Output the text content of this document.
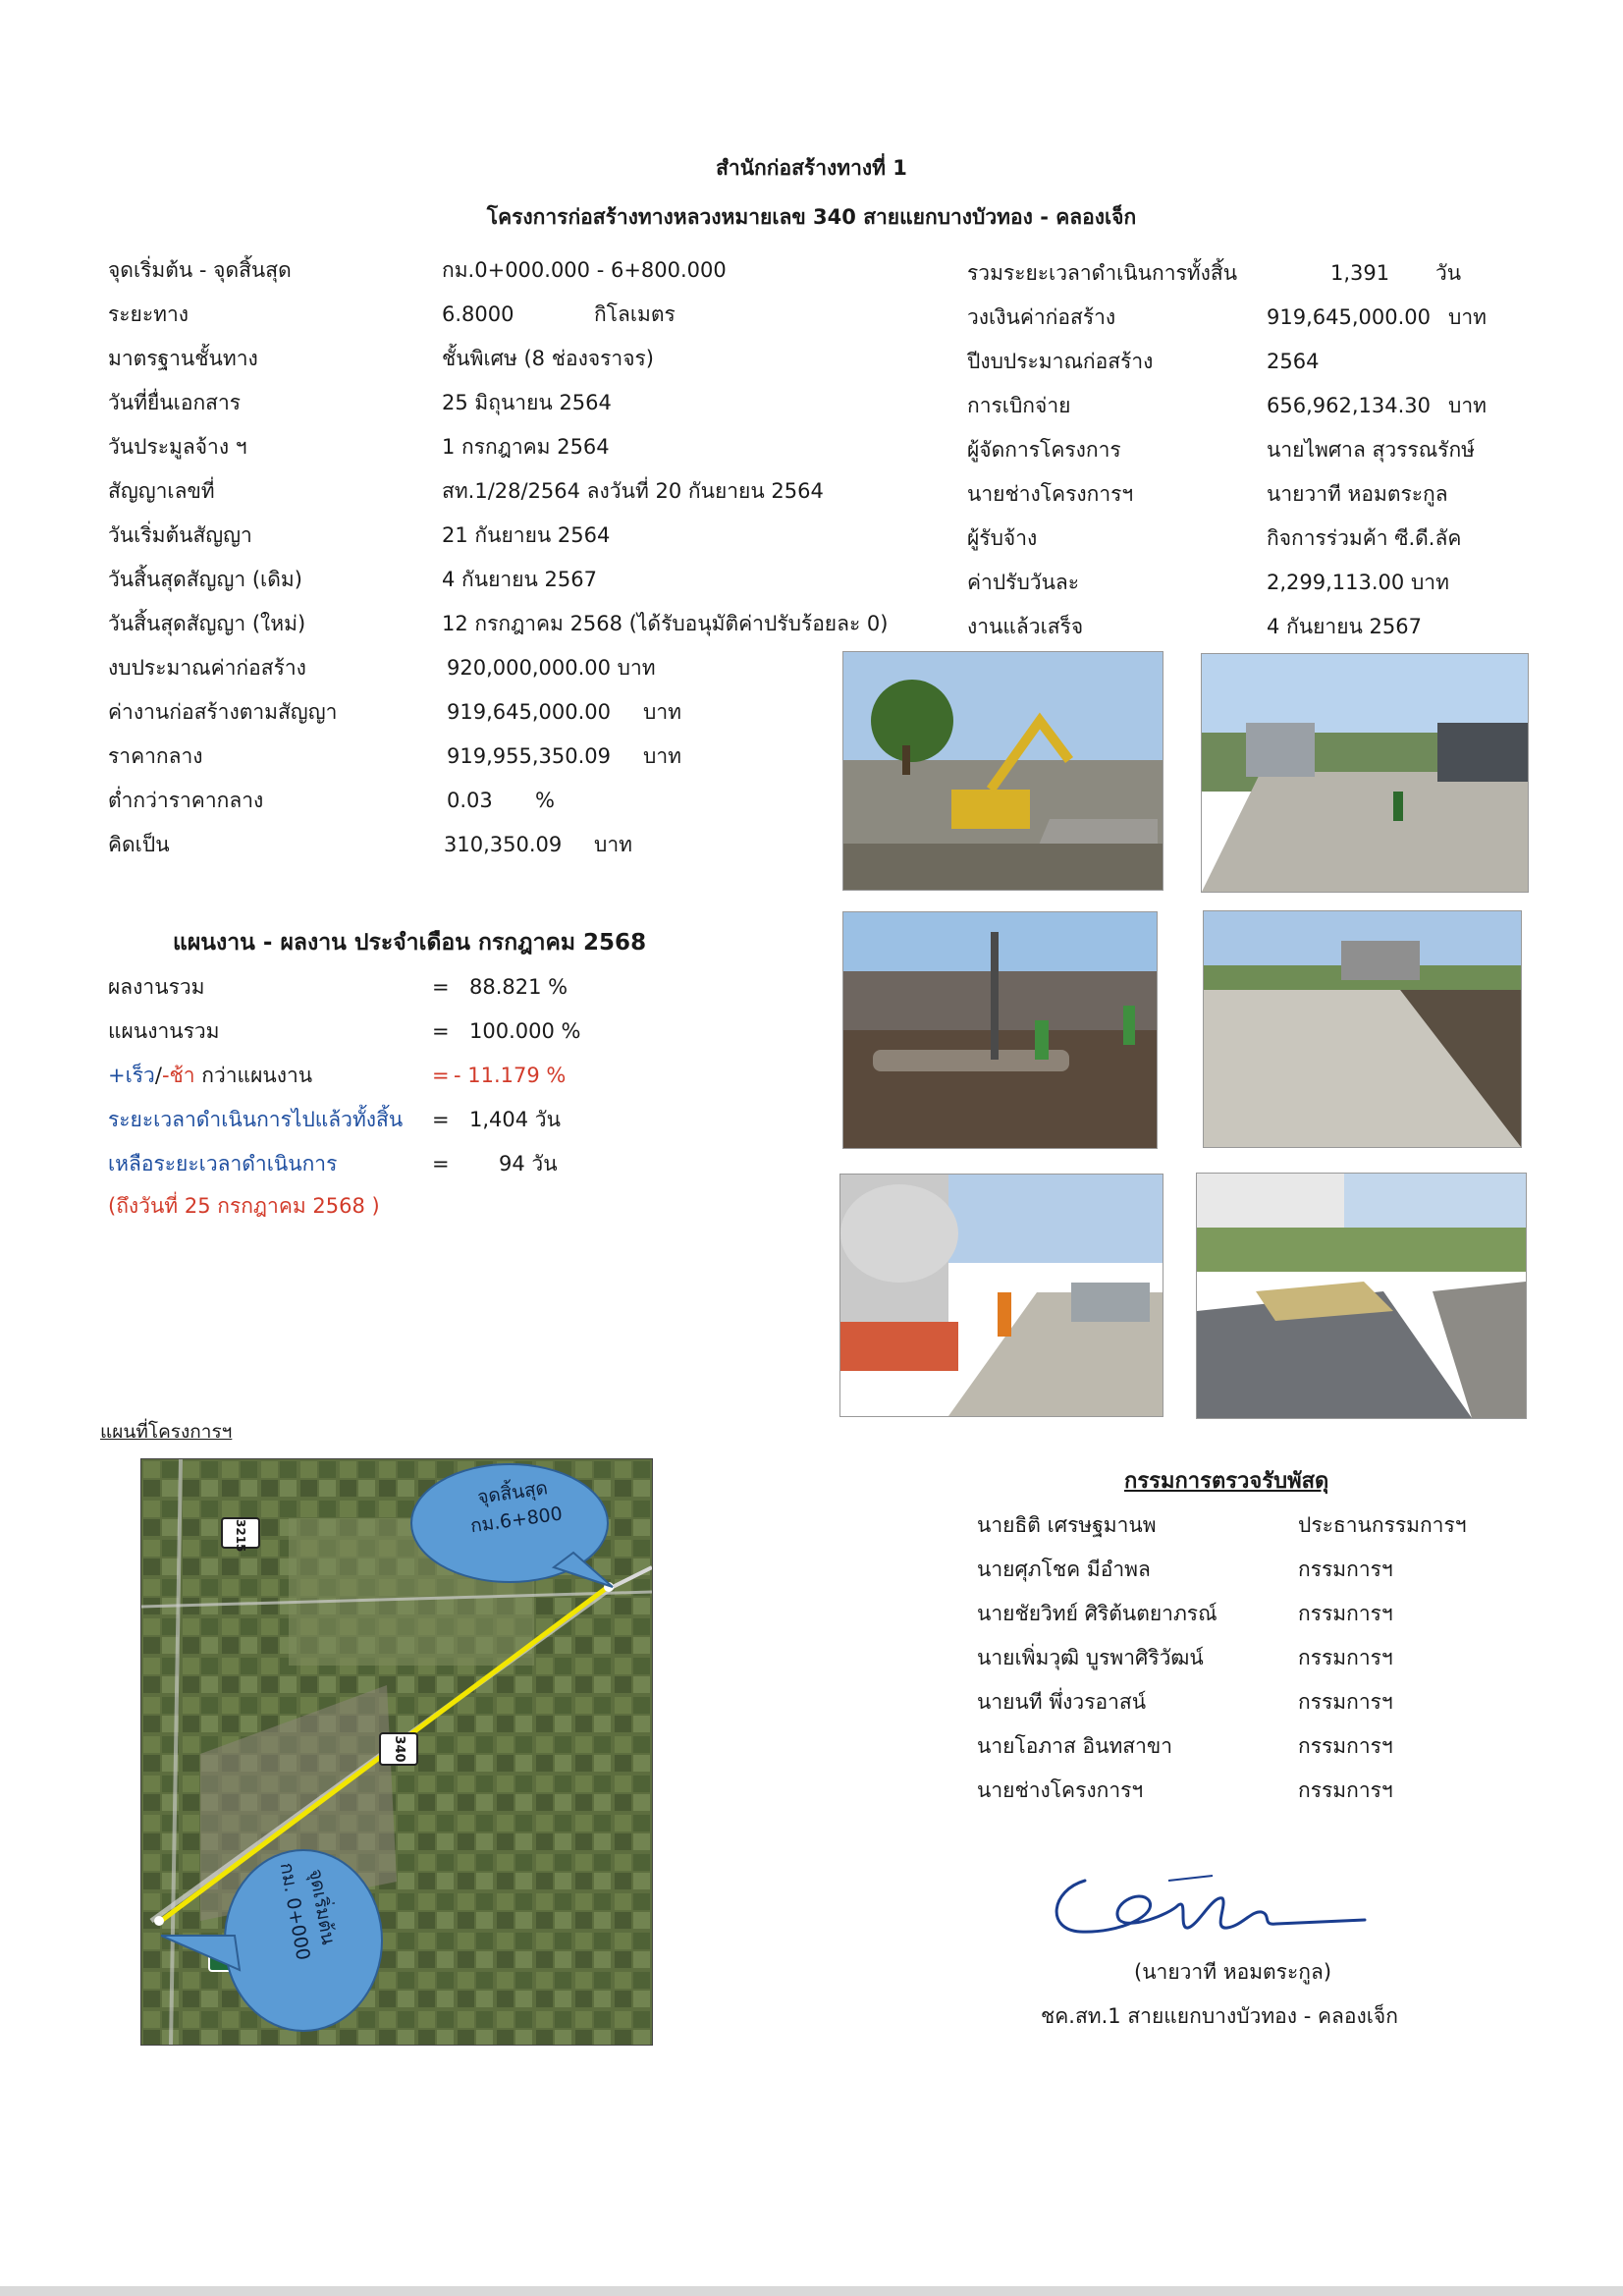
สำนักก่อสร้างทางที่ 1
โครงการก่อสร้างทางหลวงหมายเลข 340 สายแยกบางบัวทอง - คลองเจ็ก
จุดเริ่มต้น - จุดสิ้นสุด	กม.0+000.000 - 6+800.000
ระยะทาง	6.8000	กิโลเมตร
มาตรฐานชั้นทาง	ชั้นพิเศษ (8 ช่องจราจร)
วันที่ยื่นเอกสาร	25 มิถุนายน 2564
วันประมูลจ้าง ฯ	1 กรกฎาคม 2564
สัญญาเลขที่	สท.1/28/2564 ลงวันที่ 20 กันยายน 2564
วันเริ่มต้นสัญญา	21 กันยายน 2564
วันสิ้นสุดสัญญา (เดิม)	4 กันยายน 2567
วันสิ้นสุดสัญญา (ใหม่)	12 กรกฎาคม 2568 (ได้รับอนุมัติค่าปรับร้อยละ 0)
งบประมาณค่าก่อสร้าง	920,000,000.00 บาท
ค่างานก่อสร้างตามสัญญา	919,645,000.00 บาท
ราคากลาง	919,955,350.09 บาท
ต่ำกว่าราคากลาง	0.03 %
คิดเป็น	310,350.09 บาท
รวมระยะเวลาดำเนินการทั้งสิ้น	1,391 วัน
วงเงินค่าก่อสร้าง	919,645,000.00 บาท
ปีงบประมาณก่อสร้าง	2564
การเบิกจ่าย	656,962,134.30 บาท
ผู้จัดการโครงการ	นายไพศาล สุวรรณรักษ์
นายช่างโครงการฯ	นายวาที หอมตระกูล
ผู้รับจ้าง	กิจการร่วมค้า ซี.ดี.ลัค
ค่าปรับวันละ	2,299,113.00 บาท
งานแล้วเสร็จ	4 กันยายน 2567
แผนงาน - ผลงาน ประจำเดือน กรกฎาคม 2568
ผลงานรวม	= 88.821 %
แผนงานรวม	= 100.000 %
+เร็ว/-ช้า กว่าแผนงาน	= - 11.179 %
ระยะเวลาดำเนินการไปแล้วทั้งสิ้น = 1,404 วัน
เหลือระยะเวลาดำเนินการ	= 94 วัน
(ถึงวันที่ 25 กรกฎาคม 2568 )
แผนที่โครงการฯ
3215
340
จุดสิ้นสุด
กม.6+800
จุดเริ่มต้น
กม. 0+000
กรรมการตรวจรับพัสดุ
นายธิติ เศรษฐมานพ	ประธานกรรมการฯ
นายศุภโชค มีอำพล	กรรมการฯ
นายชัยวิทย์ ศิริต้นตยาภรณ์	กรรมการฯ
นายเพิ่มวุฒิ บูรพาศิริวัฒน์	กรรมการฯ
นายนที พึ่งวรอาสน์	กรรมการฯ
นายโอภาส อินทสาขา	กรรมการฯ
นายช่างโครงการฯ	กรรมการฯ
(นายวาที หอมตระกูล)
ชค.สท.1 สายแยกบางบัวทอง - คลองเจ็ก
